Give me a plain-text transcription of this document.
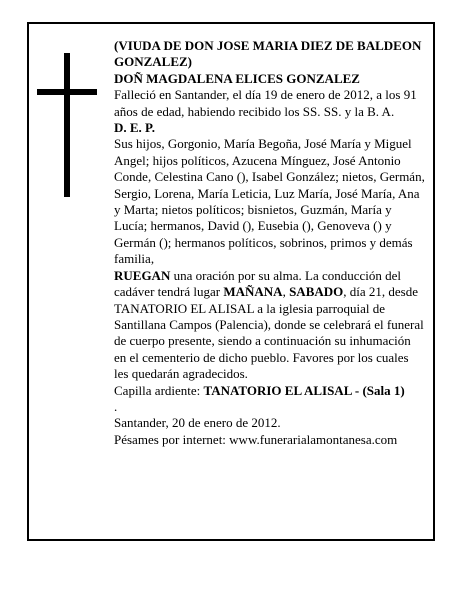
(VIUDA DE DON JOSE MARIA DIEZ DE BALDEON GONZALEZ)

DOÑ MAGDALENA ELICES GONZALEZ

Falleció en Santander, el día 19 de enero de 2012, a los 91 años de edad, habiendo recibido los SS. SS. y la B. A.

D. E. P.

Sus hijos, Gorgonio, María Begoña, José María y Miguel Angel; hijos políticos, Azucena Mínguez, José Antonio Conde, Celestina Cano (), Isabel González; nietos, Germán, Sergio, Lorena, María Leticia, Luz María, José María, Ana y Marta; nietos políticos; bisnietos, Guzmán, María y Lucía; hermanos, David (), Eusebia (), Genoveva () y Germán (); hermanos políticos, sobrinos, primos y demás familia,

RUEGAN una oración por su alma. La conducción del cadáver tendrá lugar MAÑANA, SABADO, día 21, desde TANATORIO EL ALISAL a la iglesia parroquial de Santillana Campos (Palencia), donde se celebrará el funeral de cuerpo presente, siendo a continuación su inhumación en el cementerio de dicho pueblo. Favores por los cuales les quedarán agradecidos.

Capilla ardiente: TANATORIO EL ALISAL - (Sala 1)
.

Santander, 20 de enero de 2012.

Pésames por internet: www.funerarialamontanesa.com
